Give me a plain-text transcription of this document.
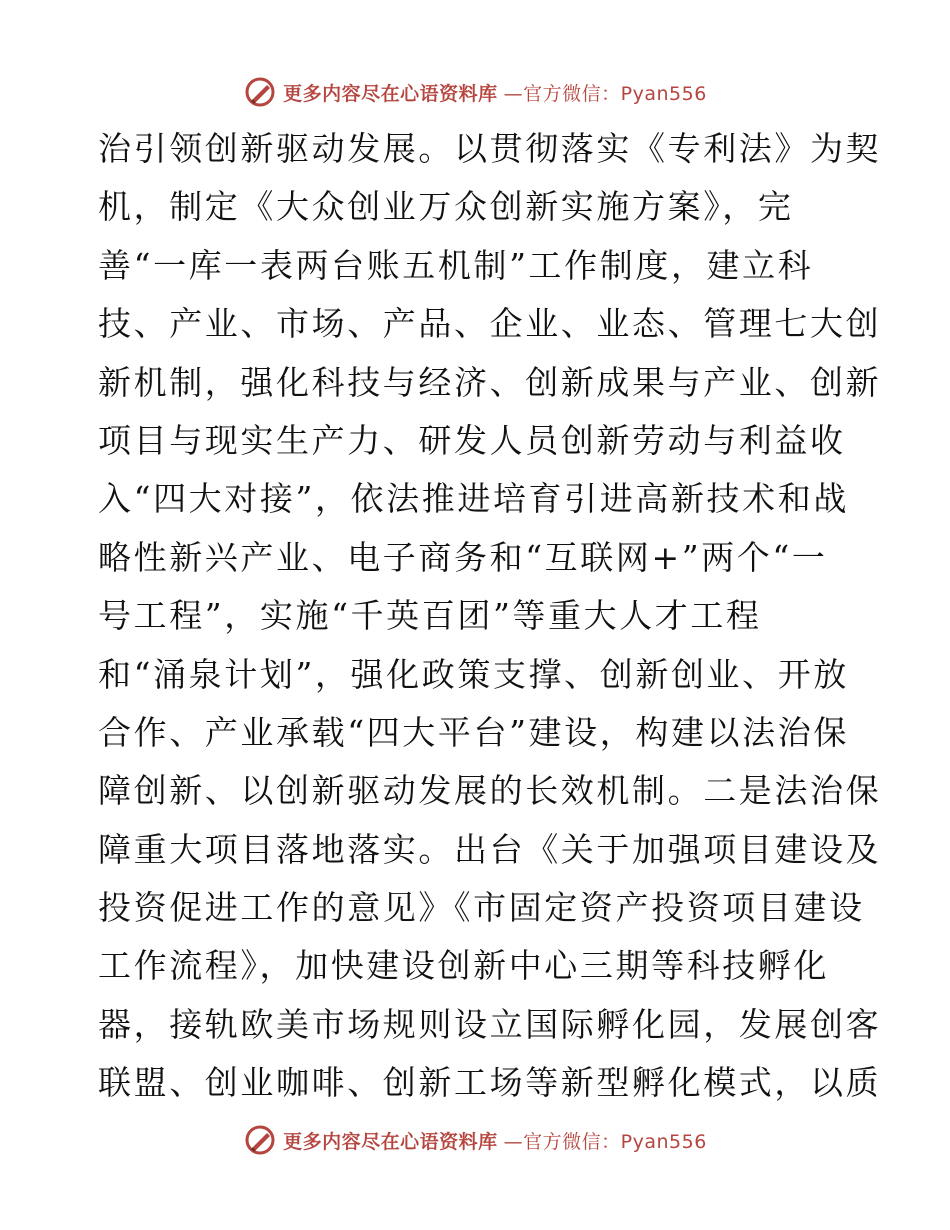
更多内容尽在心语资料库 —官方微信：Pyan556
治引领创新驱动发展。以贯彻落实《专利法》为契
机，制定《大众创业万众创新实施方案》，完
善“一库一表两台账五机制”工作制度，建立科
技、产业、市场、产品、企业、业态、管理七大创
新机制，强化科技与经济、创新成果与产业、创新
项目与现实生产力、研发人员创新劳动与利益收
入“四大对接”，依法推进培育引进高新技术和战
略性新兴产业、电子商务和“互联网+”两个“一
号工程”，实施“千英百团”等重大人才工程
和“涌泉计划”，强化政策支撑、创新创业、开放
合作、产业承载“四大平台”建设，构建以法治保
障创新、以创新驱动发展的长效机制。二是法治保
障重大项目落地落实。出台《关于加强项目建设及
投资促进工作的意见》《市固定资产投资项目建设
工作流程》，加快建设创新中心三期等科技孵化
器，接轨欧美市场规则设立国际孵化园，发展创客
联盟、创业咖啡、创新工场等新型孵化模式，以质
更多内容尽在心语资料库 —官方微信：Pyan556
